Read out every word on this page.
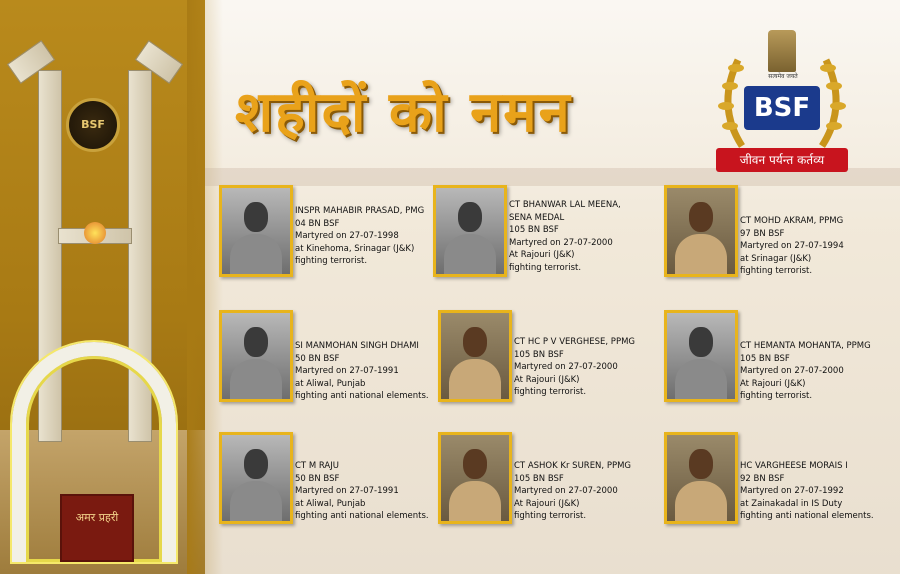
BSF
अमर प्रहरी
शहीदों को नमन
सत्यमेव जयते
BSF
जीवन पर्यन्त कर्तव्य
INSPR MAHABIR PRASAD, PMG
04 BN BSF
Martyred on 27-07-1998
at Kinehoma, Srinagar (J&K)
fighting terrorist.
CT BHANWAR LAL MEENA,
SENA MEDAL
105 BN BSF
Martyred on 27-07-2000
At Rajouri (J&K)
fighting terrorist.
CT MOHD AKRAM, PPMG
97 BN BSF
Martyred on 27-07-1994
at Srinagar (J&K)
fighting terrorist.
SI MANMOHAN SINGH DHAMI
50 BN BSF
Martyred on 27-07-1991
at Aliwal, Punjab
fighting anti national elements.
CT HC P V VERGHESE, PPMG
105 BN BSF
Martyred on 27-07-2000
At Rajouri (J&K)
fighting terrorist.
CT HEMANTA MOHANTA, PPMG
105 BN BSF
Martyred on 27-07-2000
At Rajouri (J&K)
fighting terrorist.
CT M RAJU
50 BN BSF
Martyred on 27-07-1991
at Aliwal, Punjab
fighting anti national elements.
CT ASHOK Kr SUREN, PPMG
105 BN BSF
Martyred on 27-07-2000
At Rajouri (J&K)
fighting terrorist.
HC VARGHEESE MORAIS I
92 BN BSF
Martyred on 27-07-1992
at Zainakadal in IS Duty
fighting anti national elements.
